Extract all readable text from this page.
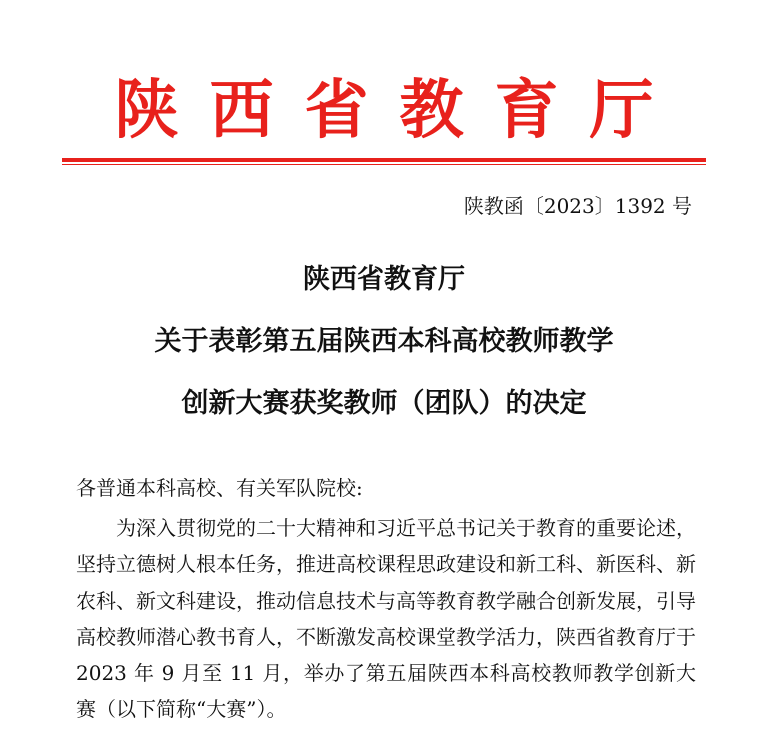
陕西省教育厅
陕教函〔2023〕1392 号
陕西省教育厅
关于表彰第五届陕西本科高校教师教学
创新大赛获奖教师（团队）的决定
各普通本科高校、有关军队院校:

为深入贯彻党的二十大精神和习近平总书记关于教育的重要论述，坚持立德树人根本任务，推进高校课程思政建设和新工科、新医科、新农科、新文科建设，推动信息技术与高等教育教学融合创新发展，引导高校教师潜心教书育人，不断激发高校课堂教学活力，陕西省教育厅于 2023 年 9 月至 11 月，举办了第五届陕西本科高校教师教学创新大赛（以下简称“大赛”）。
